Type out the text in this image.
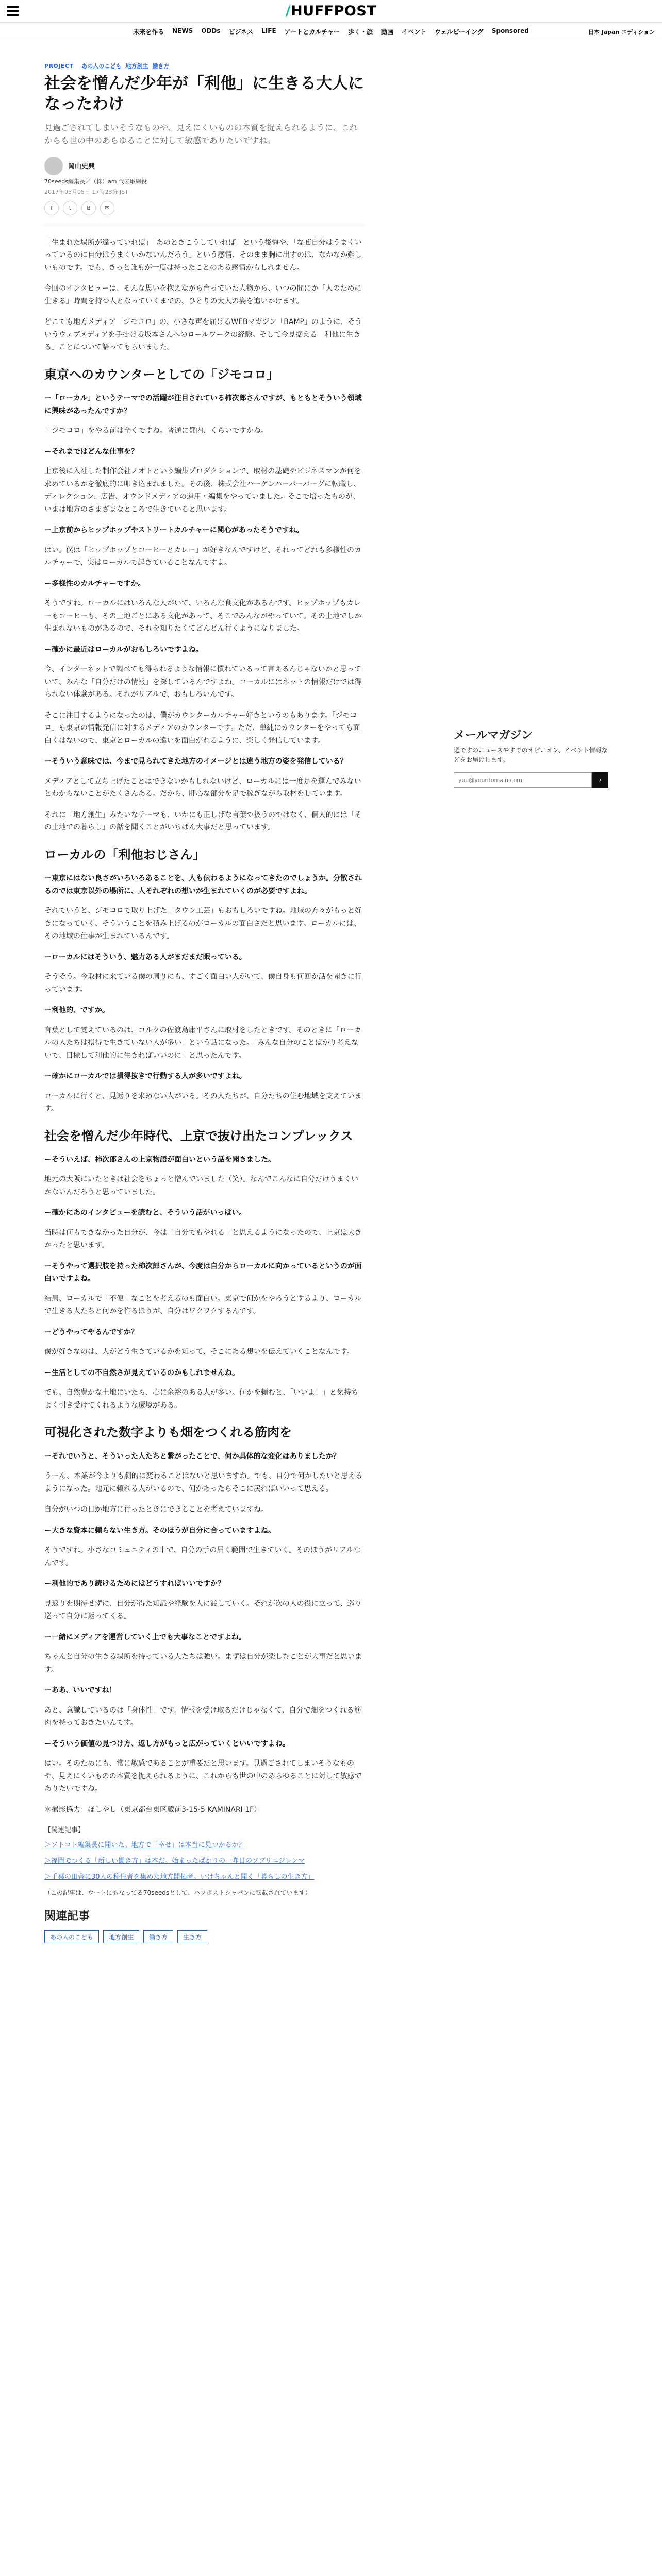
/HUFFPOST
未来を作る NEWS ODDs ビジネス LIFE アートとカルチャー 歩く・旅 動画 イベント ウェルビーイング Sponsored	日本 Japan エディション
PROJECT あの人のこども 地方創生 働き方
社会を憎んだ少年が「利他」に生きる大人になったわけ
見過ごされてしまいそうなものや、見えにくいものの本質を捉えられるように、これからも世の中のあらゆることに対して敏感でありたいですね。
岡山史興
70seeds編集長／（株）am 代表取締役
2017年05月05日 17時23分 JST
f	t	B	✉

「生まれた場所が違っていれば」「あのときこうしていれば」という後悔や、「なぜ自分はうまくいっているのに自分はうまくいかないんだろう」という感情、そのまま胸に出すのは、なかなか難しいものです。でも、きっと誰もが一度は持ったことのある感情かもしれません。

今回のインタビューは、そんな思いを抱えながら育っていた人物から、いつの間にか「人のために生きる」時間を持つ人となっていくまでの、ひとりの大人の姿を追いかけます。

どこでも地方メディア「ジモコロ」の、小さな声を届けるWEBマガジン「BAMP」のように、そういうウェブメディアを手掛ける坂本さんへのロールワークの経験。そして今見据える「利他に生きる」ことについて語ってもらいました。

東京へのカウンターとしての「ジモコロ」

ー「ローカル」というテーマでの活躍が注目されている柿次郎さんですが、もともとそういう領域に興味があったんですか？

「ジモコロ」をやる前は全くですね。普通に都内、くらいですかね。

ーそれまではどんな仕事を？

上京後に入社した制作会社ノオトという編集プロダクションで、取材の基礎やビジネスマンが何を求めているかを徹底的に叩き込まれました。その後、株式会社ハーゲンハーパーパーグに転職し、ディレクション、広告、オウンドメディアの運用・編集をやっていました。そこで培ったものが、いまは地方のさまざまなところで生きていると思います。

ー上京前からヒップホップやストリートカルチャーに関心があったそうですね。

はい。僕は「ヒップホップとコーヒーとカレー」が好きなんですけど、それってどれも多様性のカルチャーで、実はローカルで起きていることなんですよ。

ー多様性のカルチャーですか。

そうですね。ローカルにはいろんな人がいて、いろんな食文化があるんです。ヒップホップもカレーもコーヒーも、その土地ごとにある文化があって、そこでみんながやっていて。その土地でしか生まれないものがあるので、それを知りたくてどんどん行くようになりました。

ー確かに最近はローカルがおもしろいですよね。

今、インターネットで調べても得られるような情報に慣れているって言えるんじゃないかと思っていて、みんな「自分だけの情報」を探しているんですよね。ローカルにはネットの情報だけでは得られない体験がある。それがリアルで、おもしろいんです。

そこに注目するようになったのは、僕がカウンターカルチャー好きというのもあります。「ジモコロ」も東京の情報発信に対するメディアのカウンターです。ただ、単純にカウンターをやっても面白くはないので、東京とローカルの違いを面白がれるように、楽しく発信しています。

ーそういう意味では、今まで見られてきた地方のイメージとは違う地方の姿を発信している？

メディアとして立ち上げたことはできないかもしれないけど、ローカルには一度足を運んでみないとわからないことがたくさんある。だから、肝心な部分を足で稼ぎながら取材をしています。

それに「地方創生」みたいなテーマも、いかにも正しげな言葉で扱うのではなく、個人的には「その土地での暮らし」の話を聞くことがいちばん大事だと思っています。

ローカルの「利他おじさん」

ー東京にはない良さがいろいろあることを、人も伝わるようになってきたのでしょうか。分散されるのでは東京以外の場所に、人それぞれの想いが生まれていくのが必要ですよね。

それでいうと、ジモコロで取り上げた「タウン工芸」もおもしろいですね。地域の方々がもっと好きになっていく、そういうことを積み上げるのがローカルの面白さだと思います。ローカルには、その地域の仕事が生まれているんです。

ーローカルにはそういう、魅力ある人がまだまだ眠っている。

そうそう。今取材に来ている僕の周りにも、すごく面白い人がいて、僕自身も何回か話を聞きに行っています。

ー利他的、ですか。

言葉として覚えているのは、コルクの佐渡島庸平さんに取材をしたときです。そのときに「ローカルの人たちは損得で生きていない人が多い」という話になった。「みんな自分のことばかり考えないで、目標して利他的に生きればいいのに」と思ったんです。

ー確かにローカルでは損得抜きで行動する人が多いですよね。

ローカルに行くと、見返りを求めない人がいる。その人たちが、自分たちの住む地域を支えています。

社会を憎んだ少年時代、上京で抜け出たコンプレックス

ーそういえば、柿次郎さんの上京物語が面白いという話を聞きました。

地元の大阪にいたときは社会をちょっと憎んでいました（笑）。なんでこんなに自分だけうまくいかないんだろうと思っていました。

ー確かにあのインタビューを読むと、そういう話がいっぱい。

当時は何もできなかった自分が、今は「自分でもやれる」と思えるようになったので、上京は大きかったと思います。

ーそうやって選択肢を持った柿次郎さんが、今度は自分からローカルに向かっているというのが面白いですよね。

結局、ローカルで「不便」なことを考えるのも面白い。東京で何かをやろうとするより、ローカルで生きる人たちと何かを作るほうが、自分はワクワクするんです。

ーどうやってやるんですか？

僕が好きなのは、人がどう生きているかを知って、そこにある想いを伝えていくことなんです。

ー生活としての不自然さが見えているのかもしれませんね。

でも、自然豊かな土地にいたら、心に余裕のある人が多い。何かを頼むと、「いいよ！」と気持ちよく引き受けてくれるような環境がある。

可視化された数字よりも畑をつくれる筋肉を

ーそれでいうと、そういった人たちと繋がったことで、何か具体的な変化はありましたか？

うーん、本業が今よりも劇的に変わることはないと思いますね。でも、自分で何かしたいと思えるようになった。地元に頼れる人がいるので、何かあったらそこに戻ればいいって思える。

自分がいつの日か地方に行ったときにできることを考えていますね。

ー大きな資本に頼らない生き方。そのほうが自分に合っていますよね。

そうですね。小さなコミュニティの中で、自分の手の届く範囲で生きていく。そのほうがリアルなんです。

ー利他的であり続けるためにはどうすればいいですか？

見返りを期待せずに、自分が得た知識や経験を人に渡していく。それが次の人の役に立って、巡り巡って自分に返ってくる。

ー一緒にメディアを運営していく上でも大事なことですよね。

ちゃんと自分の生きる場所を持っている人たちは強い。まずは自分が楽しむことが大事だと思います。

ーああ、いいですね！

あと、意識しているのは「身体性」です。情報を受け取るだけじゃなくて、自分で畑をつくれる筋肉を持っておきたいんです。

ーそういう価値の見つけ方、返し方がもっと広がっていくといいですよね。

はい。そのためにも、常に敏感であることが重要だと思います。見過ごされてしまいそうなものや、見えにくいものの本質を捉えられるように、これからも世の中のあらゆることに対して敏感でありたいですね。

＊撮影協力：ほしやし（東京都台東区蔵前3-15-5 KAMINARI 1F）

【関連記事】
＞ソトコト編集長に聞いた。地方で「幸せ」は本当に見つかるか？
＞福岡でつくる「新しい働き方」は本だ。始まったばかりの一昨日のソブリエジレンマ
＞千葉の田舎に30人の移住者を集めた地方開拓者。いけちゃんと聞く「暮らしの生き方」
（この記事は、ウートにもなってる70seedsとして、ハフポストジャパンに転載されています）
関連記事
あの人のこども	地方創生	働き方	生き方
メールマガジン
週ですのニュースやすでのオピニオン、イベント情報などをお届けします。
you@yourdomain.com
›
